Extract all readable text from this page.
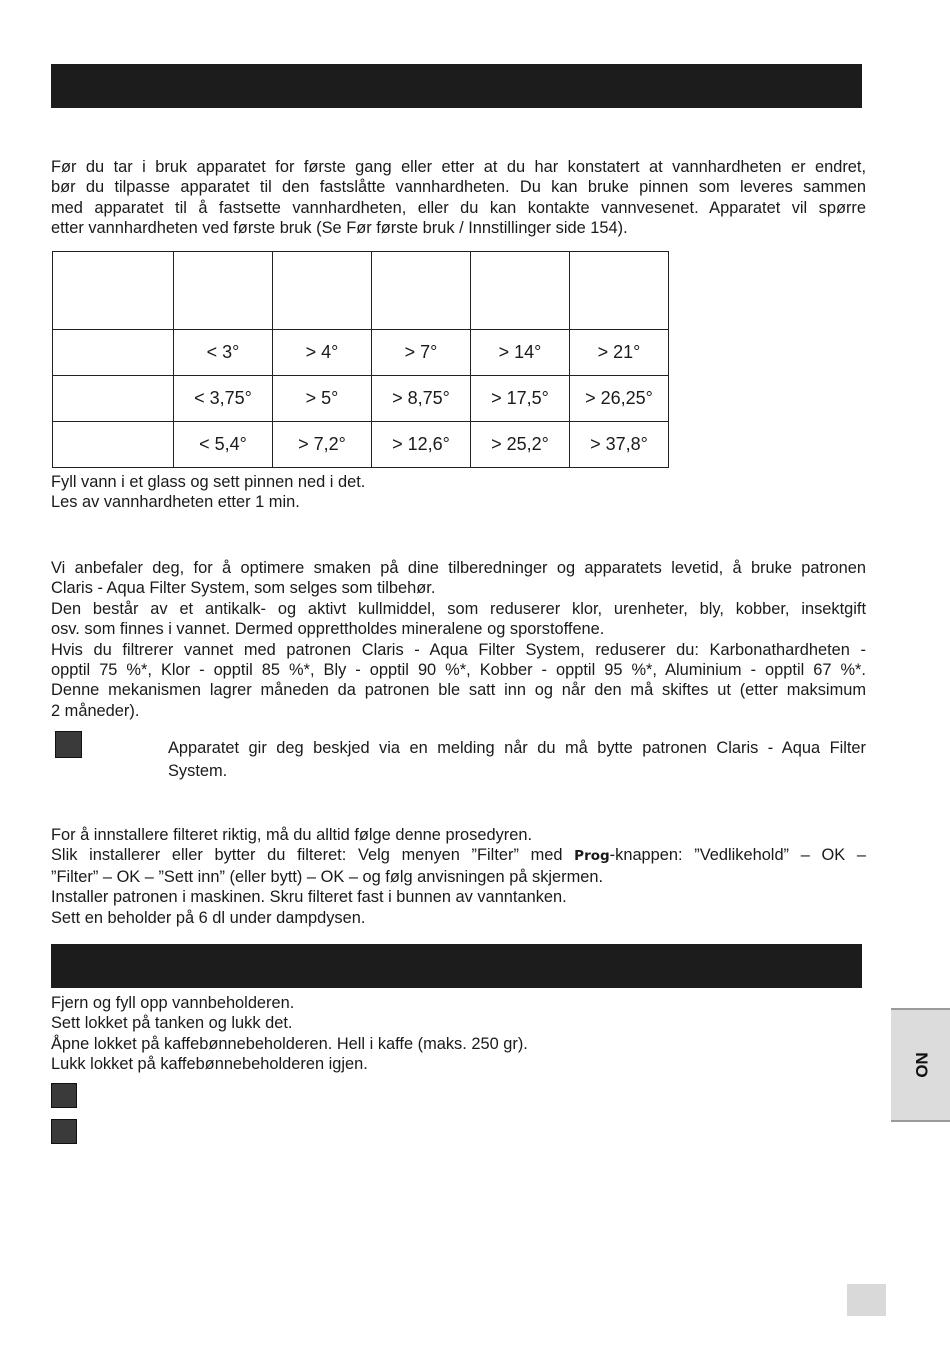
Før du tar i bruk apparatet for første gang eller etter at du har konstatert at vannhardheten er endret,

bør du tilpasse apparatet til den fastslåtte vannhardheten. Du kan bruke pinnen som leveres sammen

med apparatet til å fastsette vannhardheten, eller du kan kontakte vannvesenet. Apparatet vil spørre

etter vannhardheten ved første bruk (Se Før første bruk / Innstillinger side 154).

	< 3°	> 4°	> 7°	> 14°	> 21°
	< 3,75°	> 5°	> 8,75°	> 17,5°	> 26,25°
	< 5,4°	> 7,2°	> 12,6°	> 25,2°	> 37,8°

Fyll vann i et glass og sett pinnen ned i det.

Les av vannhardheten etter 1 min.

Vi anbefaler deg, for å optimere smaken på dine tilberedninger og apparatets levetid, å bruke patronen

Claris - Aqua Filter System, som selges som tilbehør.

Den består av et antikalk- og aktivt kullmiddel, som reduserer klor, urenheter, bly, kobber, insektgift

osv. som finnes i vannet. Dermed opprettholdes mineralene og sporstoffene.

Hvis du filtrerer vannet med patronen Claris - Aqua Filter System, reduserer du: Karbonathardheten -

opptil 75 %*, Klor - opptil 85 %*, Bly - opptil 90 %*, Kobber - opptil 95 %*, Aluminium - opptil 67 %*.

Denne mekanismen lagrer måneden da patronen ble satt inn og når den må skiftes ut (etter maksimum

2 måneder).

Apparatet gir deg beskjed via en melding når du må bytte patronen Claris - Aqua Filter

System.

For å innstallere filteret riktig, må du alltid følge denne prosedyren.

Slik installerer eller bytter du filteret: Velg menyen ”Filter” med Prog-knappen: ”Vedlikehold” – OK –

”Filter” – OK – ”Sett inn” (eller bytt) – OK – og følg anvisningen på skjermen.

Installer patronen i maskinen. Skru filteret fast i bunnen av vanntanken.

Sett en beholder på 6 dl under dampdysen.

Fjern og fyll opp vannbeholderen.

Sett lokket på tanken og lukk det.

Åpne lokket på kaffebønnebeholderen. Hell i kaffe (maks. 250 gr).

Lukk lokket på kaffebønnebeholderen igjen.	NO
